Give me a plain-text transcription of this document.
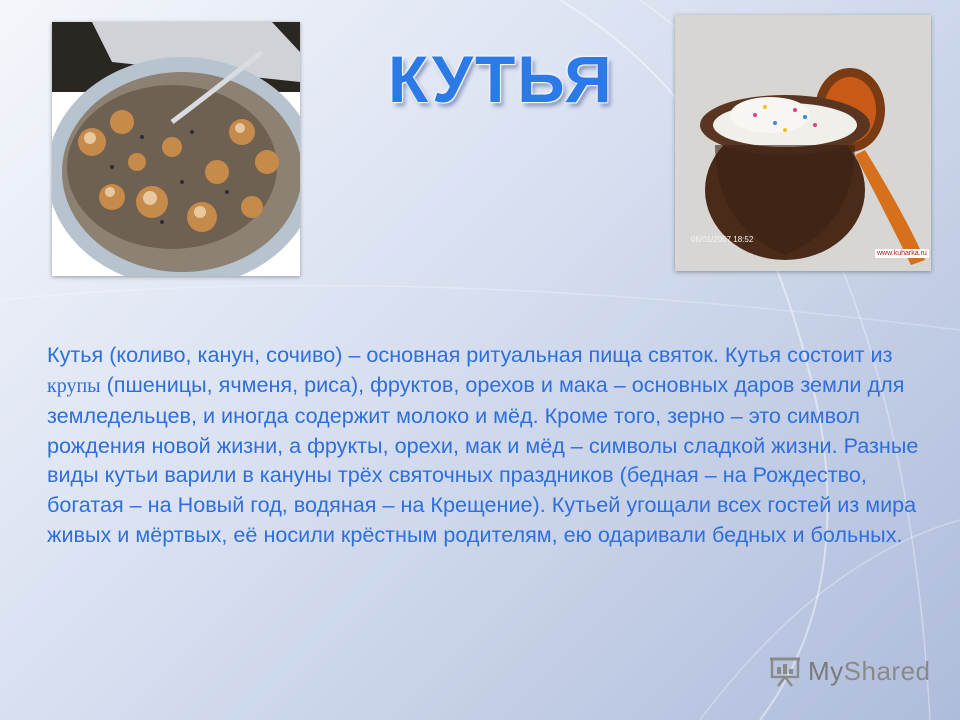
06/01/2007 18:52
www.kuharka.ru
КУТЬЯ

Кутья (коливо, канун, сочиво) – основная ритуальная пища святок. Кутья состоит из крупы (пшеницы, ячменя, риса), фруктов, орехов и мака – основных даров земли для земледельцев, и иногда содержит молоко и мёд. Кроме того, зерно – это символ рождения новой жизни, а фрукты, орехи, мак и мёд – символы сладкой жизни. Разные виды кутьи варили в кануны трёх святочных праздников (бедная – на Рождество, богатая – на Новый год, водяная – на Крещение). Кутьей угощали всех гостей из мира живых и мёртвых, её носили крёстным родителям, ею одаривали бедных и больных.

MyShared
